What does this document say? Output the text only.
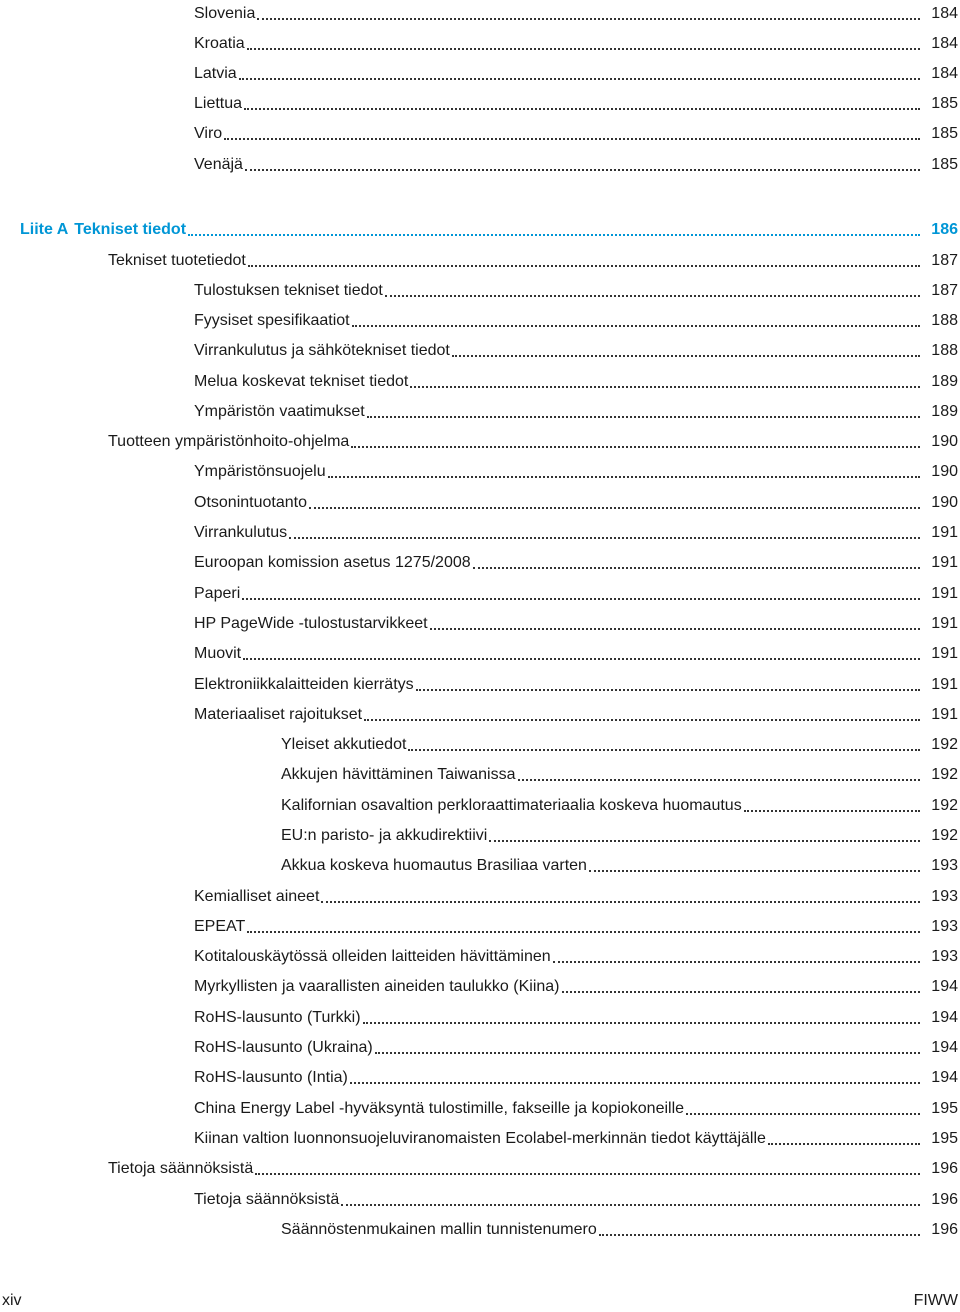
Slovenia	184
Kroatia	184
Latvia	184
Liettua	185
Viro	185
Venäjä	185
Liite A Tekniset tiedot	186
Tekniset tuotetiedot	187
Tulostuksen tekniset tiedot	187
Fyysiset spesifikaatiot	188
Virrankulutus ja sähkötekniset tiedot	188
Melua koskevat tekniset tiedot	189
Ympäristön vaatimukset	189
Tuotteen ympäristönhoito-ohjelma	190
Ympäristönsuojelu	190
Otsonintuotanto	190
Virrankulutus	191
Euroopan komission asetus 1275/2008	191
Paperi	191
HP PageWide -tulostustarvikkeet	191
Muovit	191
Elektroniikkalaitteiden kierrätys	191
Materiaaliset rajoitukset	191
Yleiset akkutiedot	192
Akkujen hävittäminen Taiwanissa	192
Kalifornian osavaltion perkloraattimateriaalia koskeva huomautus	192
EU:n paristo- ja akkudirektiivi	192
Akkua koskeva huomautus Brasiliaa varten	193
Kemialliset aineet	193
EPEAT	193
Kotitalouskäytössä olleiden laitteiden hävittäminen	193
Myrkyllisten ja vaarallisten aineiden taulukko (Kiina)	194
RoHS-lausunto (Turkki)	194
RoHS-lausunto (Ukraina)	194
RoHS-lausunto (Intia)	194
China Energy Label -hyväksyntä tulostimille, fakseille ja kopiokoneille	195
Kiinan valtion luonnonsuojeluviranomaisten Ecolabel-merkinnän tiedot käyttäjälle	195
Tietoja säännöksistä	196
Tietoja säännöksistä	196
Säännöstenmukainen mallin tunnistenumero	196
xiv	FIWW
